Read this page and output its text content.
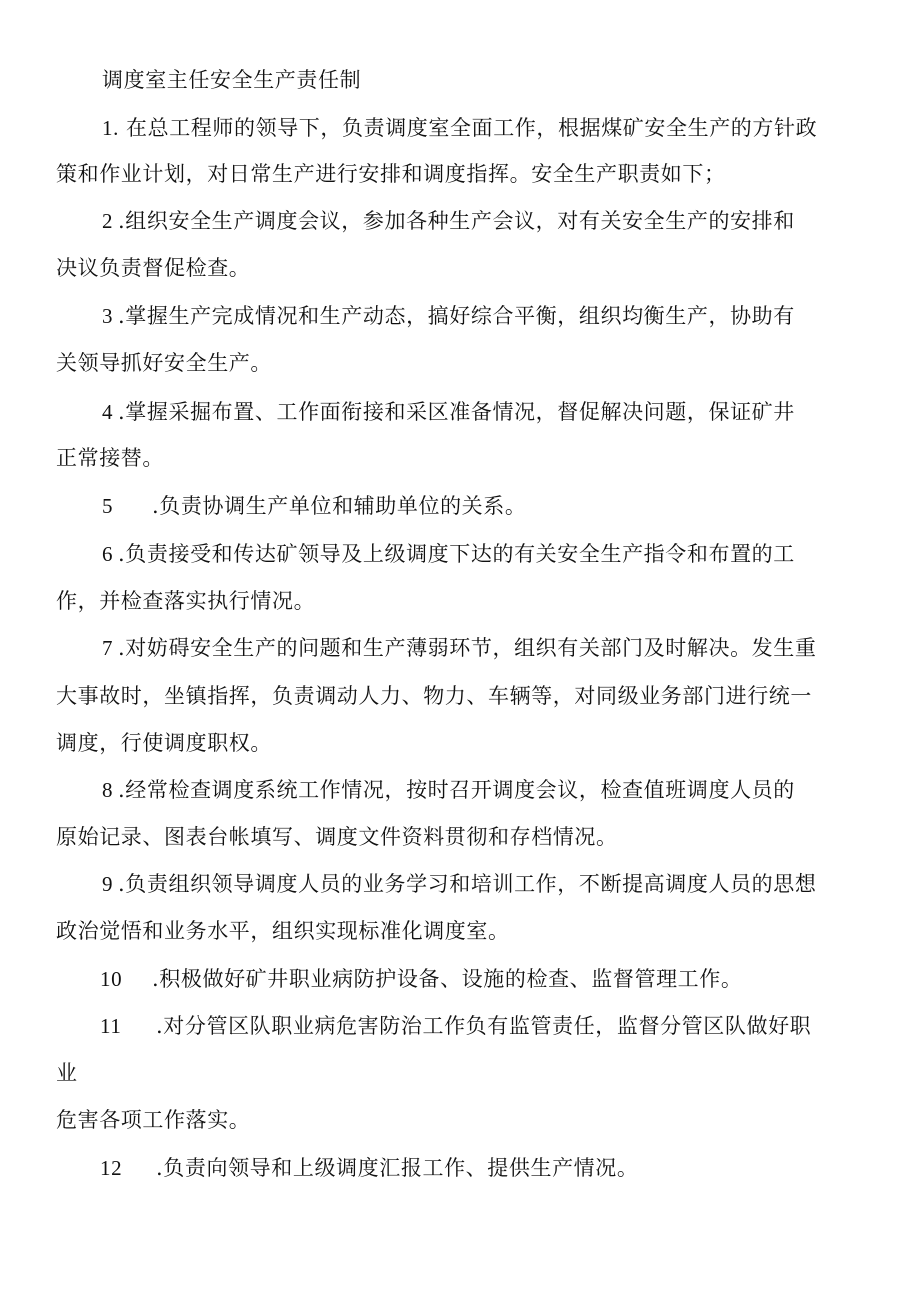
调度室主任安全生产责任制

1.

在总工程师的领导下，负责调度室全面工作，根据煤矿安全生产的方针政

策和作业计划，对日常生产进行安排和调度指挥。安全生产职责如下；

2

.组织安全生产调度会议，参加各种生产会议，对有关安全生产的安排和

决议负责督促检查。

3

.掌握生产完成情况和生产动态，搞好综合平衡，组织均衡生产，协助有

关领导抓好安全生产。

4

.掌握采掘布置、工作面衔接和采区准备情况，督促解决问题，保证矿井

正常接替。

5

.负责协调生产单位和辅助单位的关系。

6

.负责接受和传达矿领导及上级调度下达的有关安全生产指令和布置的工

作，并检查落实执行情况。

7

.对妨碍安全生产的问题和生产薄弱环节，组织有关部门及时解决。发生重

大事故时，坐镇指挥，负责调动人力、物力、车辆等，对同级业务部门进行统一

调度，行使调度职权。

8

.经常检查调度系统工作情况，按时召开调度会议，检查值班调度人员的

原始记录、图表台帐填写、调度文件资料贯彻和存档情况。

9

.负责组织领导调度人员的业务学习和培训工作，不断提高调度人员的思想

政治觉悟和业务水平，组织实现标准化调度室。

10

.积极做好矿井职业病防护设备、设施的检查、监督管理工作。

11

.对分管区队职业病危害防治工作负有监管责任，监督分管区队做好职

业

危害各项工作落实。

12

.负责向领导和上级调度汇报工作、提供生产情况。
